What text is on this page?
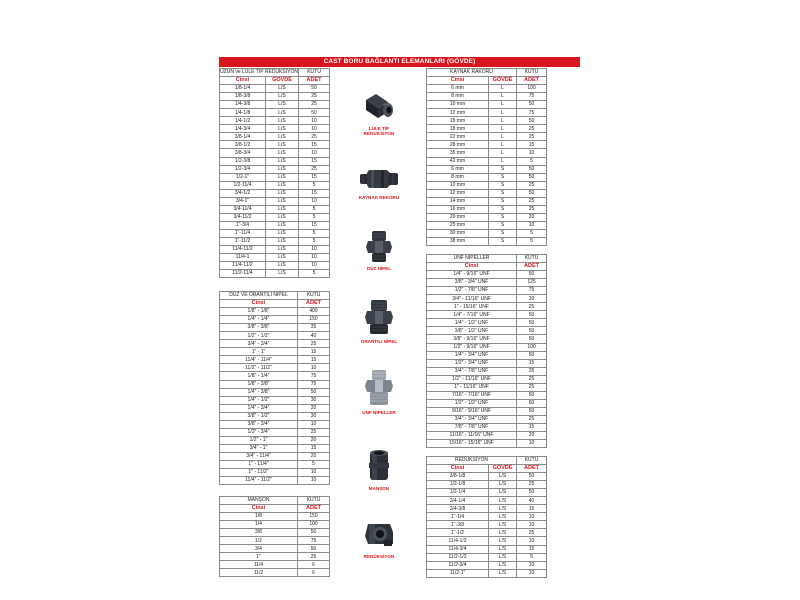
CAST BORU BAĞLANTI ELEMANLARI (GÖVDE)
UZUN ve LÜLE TİP REDÜKSİYON		KUTU
Cinsi	GÖVDE	ADET
1/8-1/4	L/S	50
1/8-3/8	L/S	25
1/4-3/8	L/S	25
1/4-1/8	L/S	50
1/4-1/2	L/S	10
1/4-3/4	L/S	10
3/8-1/4	L/S	25
3/8-1/2	L/S	15
3/8-3/4	L/S	10
1/2-3/8	L/S	15
1/2-3/4	L/S	25
1/2-1"	L/S	15
1/2-11/4	L/S	5
3/4-1/2	L/S	15
3/4-1"	L/S	10
3/4-11/4	L/S	5
3/4-11/2	L/S	5
1"-3/4	L/S	15
1"-11/4	L/S	5
1"-11/2	L/S	5
11/4-11/2	L/S	10
11/4-1	L/S	10
11/4-11/2	L/S	10
11/2-11/4	L/S	5
DÜZ VE ORANTILI NİPEL	KUTU
Cinsi	ADET
1/8" - 1/8"	400
1/4" - 1/4"	150
3/8" - 3/8"	35
1/2" - 1/2"	40
3/4" - 3/4"	25
1" - 1"	15
11/4" - 11/4"	15
11/2" - 11/2"	10
1/8" - 1/4"	75
1/8" - 3/8"	75
1/4" - 3/8"	50
1/4" - 1/2"	30
1/4" - 3/4"	20
3/8" - 1/2"	30
3/8" - 3/4"	10
1/2" - 3/4"	25
1/2" - 1"	20
3/4" - 1"	15
3/4" - 11/4"	20
1" - 11/4"	5
1" - 11/2"	10
11/4" - 11/2"	10
MANŞON	KUTU
Cinsi	ADET
1/8	150
1/4	100
3/8	50
1/2	75
3/4	50
1"	25
11/4	6
11/2	6
KAYNAK RAKORU		KUTU
Cinsi	GÖVDE	ADET
6 mm	L	100
8 mm	L	75
10 mm	L	50
12 mm	L	75
15 mm	L	50
18 mm	L	25
22 mm	L	25
28 mm	L	15
35 mm	L	10
42 mm	L	5
6 mm	S	50
8 mm	S	50
10 mm	S	25
12 mm	S	50
14 mm	S	25
16 mm	S	25
20 mm	S	20
25 mm	S	10
30 mm	S	5
38 mm	S	5
UNF NİPELLER	KUTU
Cinsi	ADET
1/4" - 9/16" UNF	50
3/8" - 3/4" UNF	125
1/2" - 7/8" UNF	75
3/4" - 11/16" UNF	30
1" - 15/16" UNF	25
1/4" - 7/16" UNF	50
1/4" - 1/2" UNF	50
3/8" - 1/2" UNF	50
3/8" - 9/16" UNF	50
1/2" - 9/16" UNF	100
1/4" - 3/4" UNF	50
1/2" - 3/4" UNF	15
3/4" - 7/8" UNF	35
1/2" - 11/16" UNF	25
1" - 11/16" UNF	25
7/16" - 7/16" UNF	50
1/2" - 1/2" UNF	60
9/16" - 9/16" UNF	50
3/4" - 3/4" UNF	25
7/8" - 7/8" UNF	15
11/16" - 11/16" UNF	20
15/16" - 15/16" UNF	10
REDÜKSİYON		KUTU
Cinsi	GÖVDE	ADET
3/8-1/8	L/S	50
1/2-1/8	L/S	25
1/2-1/4	L/S	50
3/4-1/4	L/S	40
3/4-3/8	L/S	15
1"-1/4	L/S	10
1"-3/8	L/S	10
1"-1/2	L/S	25
11/4-1/2	L/S	10
11/4-3/4	L/S	15
11/2-1/2	L/S	5
11/2-3/4	L/S	10
11/2-1"	L/S	10
LÜLE TİP
REDÜKSİYON
KAYNAK REKORU
DÜZ NİPEL
ORANTILI NİPEL
UNF NİPELLER
MANŞON
REDÜKSİYON
